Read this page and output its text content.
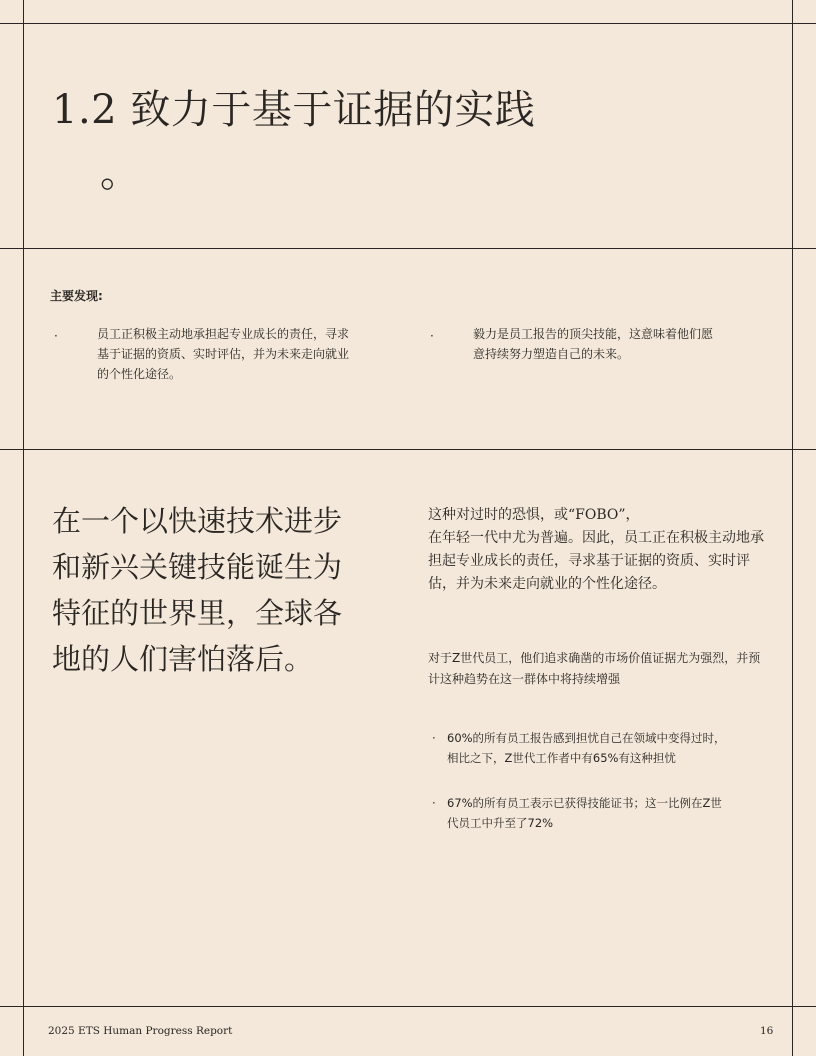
1.2 致力于基于证据的实践
。
主要发现:
·	员工正积极主动地承担起专业成长的责任，寻求基于证据的资质、实时评估，并为未来走向就业的个性化途径。
·	毅力是员工报告的顶尖技能，这意味着他们愿意持续努力塑造自己的未来。
在一个以快速技术进步和新兴关键技能诞生为特征的世界里，全球各地的人们害怕落后。
这种对过时的恐惧，或“FOBO”，
在年轻一代中尤为普遍。因此，员工正在积极主动地承担起专业成长的责任，寻求基于证据的资质、实时评估，并为未来走向就业的个性化途径。
对于Z世代员工，他们追求确凿的市场价值证据尤为强烈，并预计这种趋势在这一群体中将持续增强
· 60%的所有员工报告感到担忧自己在领域中变得过时，相比之下，Z世代工作者中有65%有这种担忧
· 67%的所有员工表示已获得技能证书；这一比例在Z世代员工中升至了72%
2025 ETS Human Progress Report	16
